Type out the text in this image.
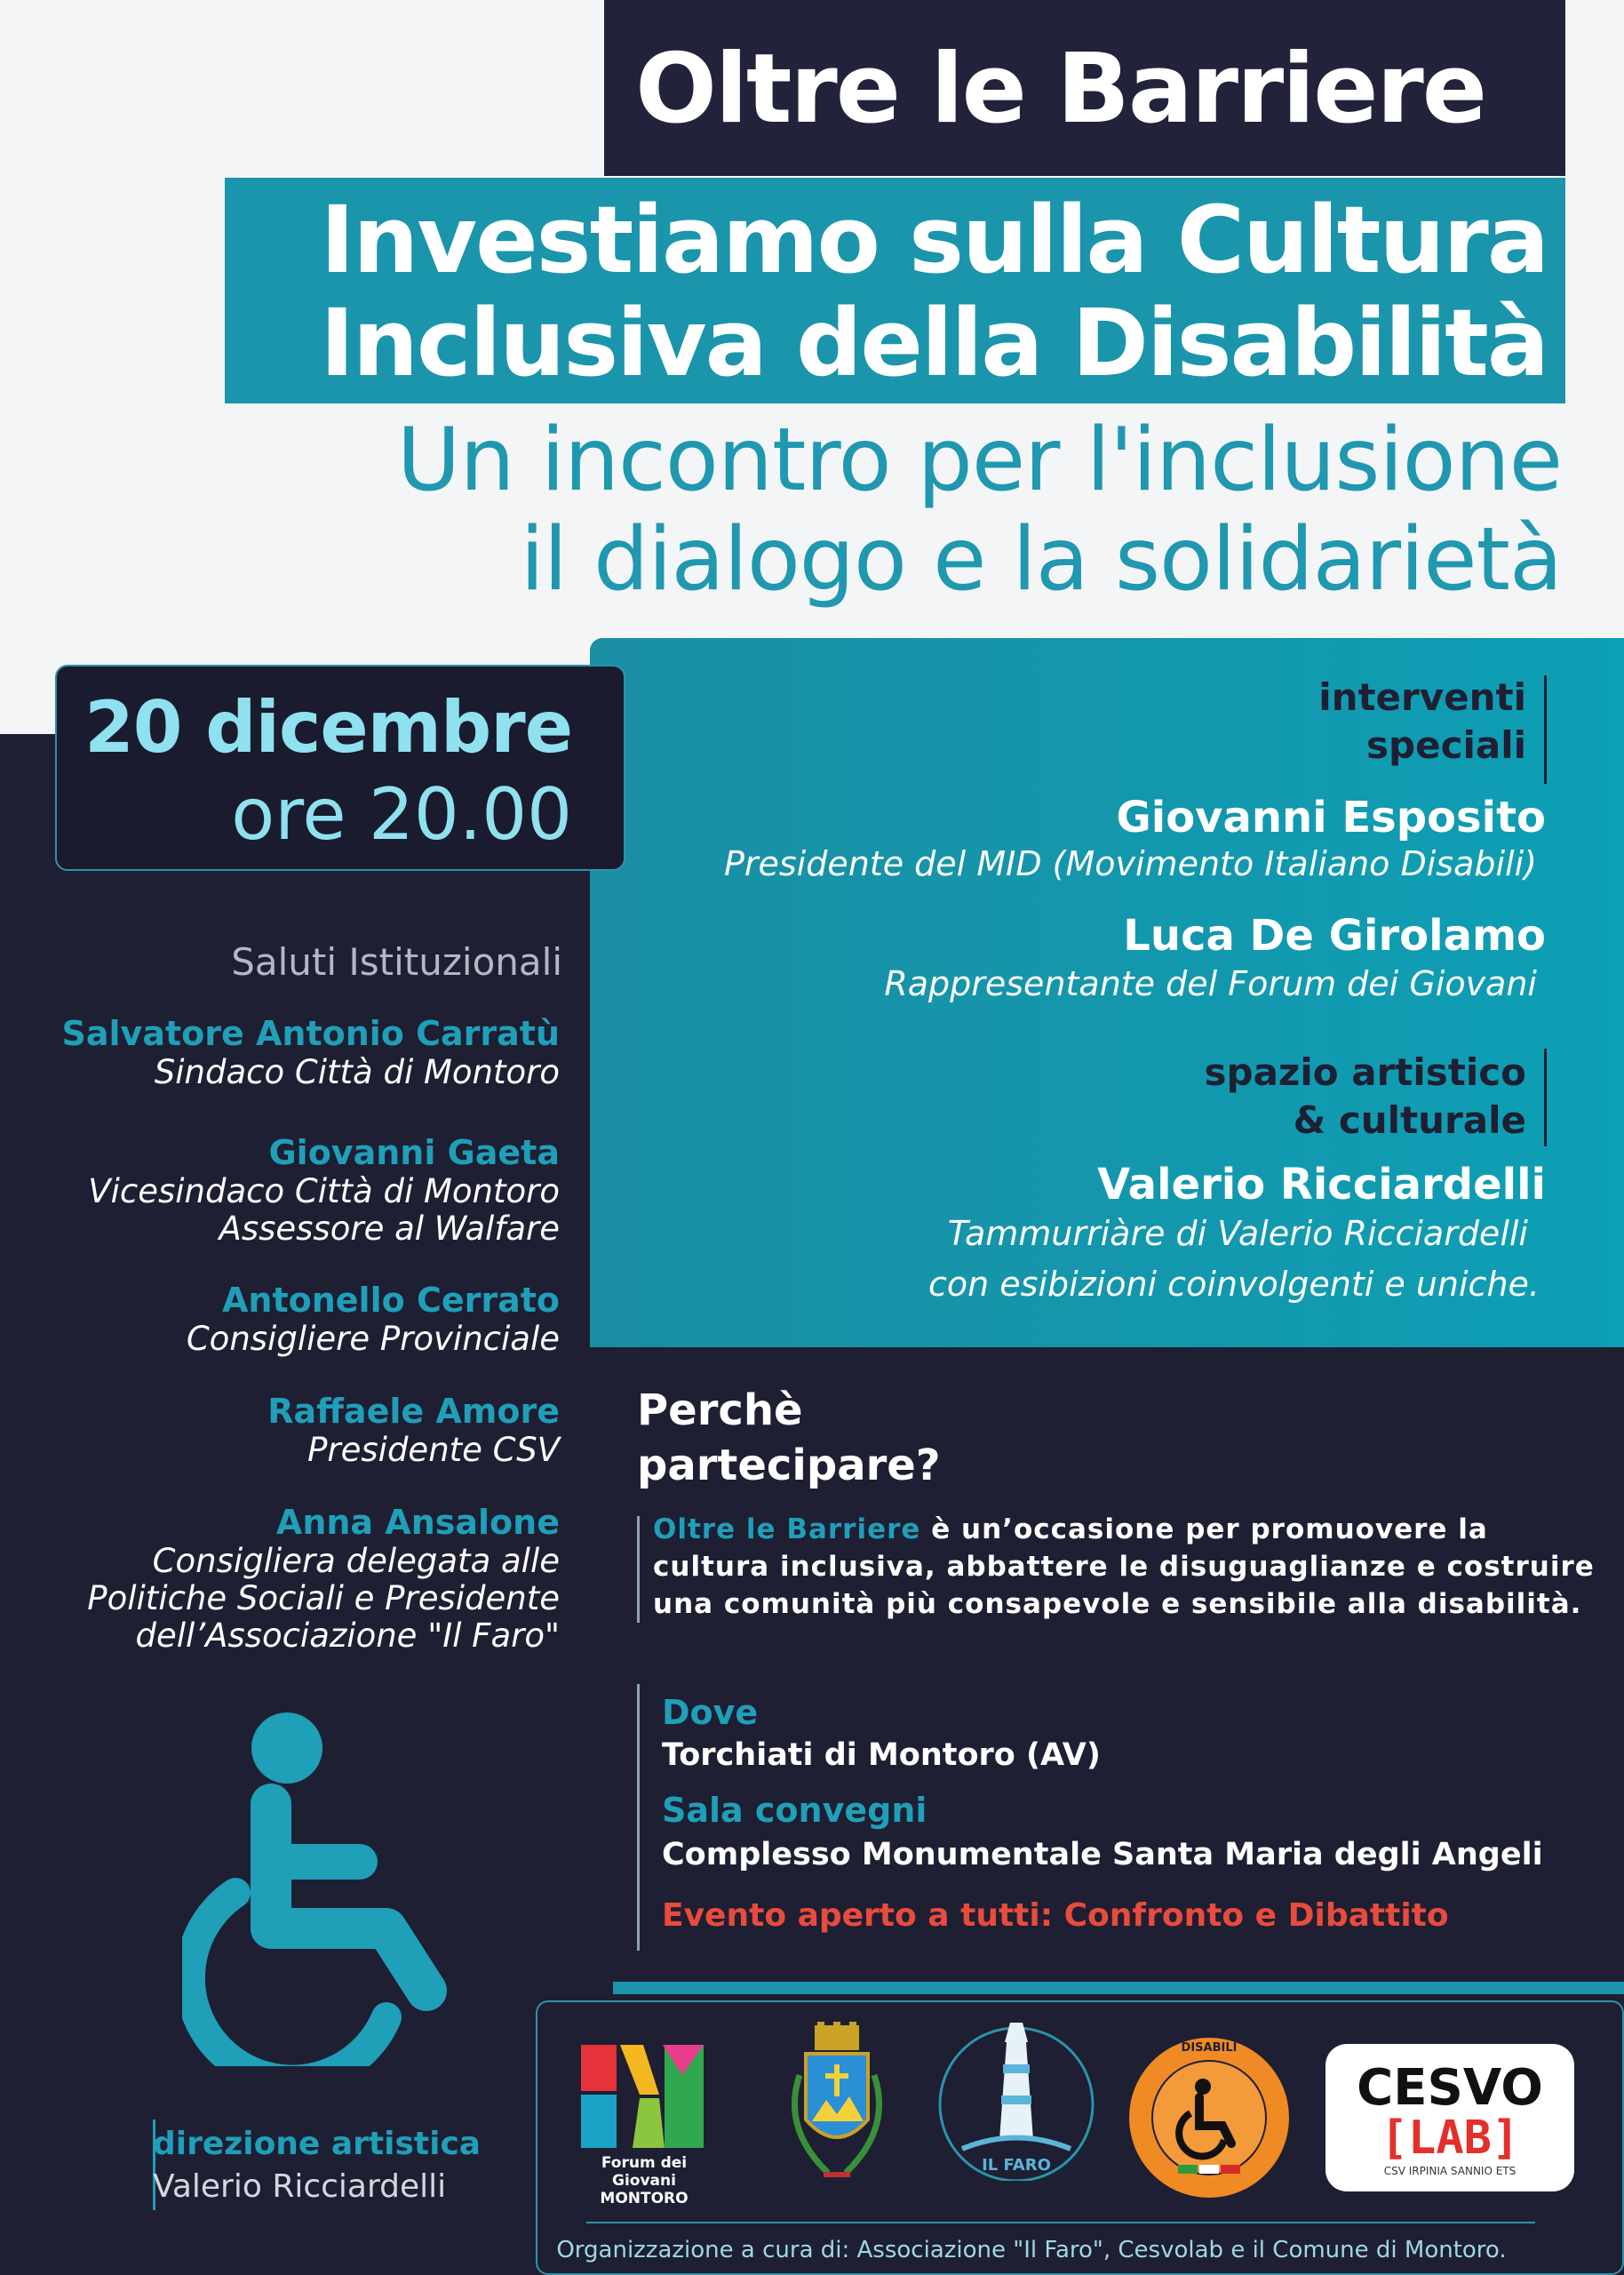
Oltre le Barriere
Investiamo sulla Cultura
Inclusiva della Disabilità
Un incontro per l'inclusione
il dialogo e la solidarietà
20 dicembre
ore 20.00
Saluti Istituzionali
Salvatore Antonio Carratù
Sindaco Città di Montoro
Giovanni Gaeta
Vicesindaco Città di Montoro
Assessore al Walfare
Antonello Cerrato
Consigliere Provinciale
Raffaele Amore
Presidente CSV
Anna Ansalone
Consigliera delegata alle
Politiche Sociali e Presidente
dell’Associazione "Il Faro"
direzione artistica
Valerio Ricciardelli
interventi
speciali
Giovanni Esposito
Presidente del MID (Movimento Italiano Disabili)
Luca De Girolamo
Rappresentante del Forum dei Giovani
spazio artistico
& culturale
Valerio Ricciardelli
Tammurriàre di Valerio Ricciardelli
con esibizioni coinvolgenti e uniche.
Perchè
partecipare?
Oltre le Barriere è un’occasione per promuovere la cultura inclusiva, abbattere le disuguaglianze e costruire una comunità più consapevole e sensibile alla disabilità.
Dove
Torchiati di Montoro (AV)
Sala convegni
Complesso Monumentale Santa Maria degli Angeli
Evento aperto a tutti: Confronto e Dibattito
Forum dei Giovani
MONTORO
IL FARO
MOVIMENTO ITALIANO DISABILI
CESVO
[LAB]
CSV IRPINIA SANNIO ETS
Organizzazione a cura di: Associazione "Il Faro", Cesvolab e il Comune di Montoro.
